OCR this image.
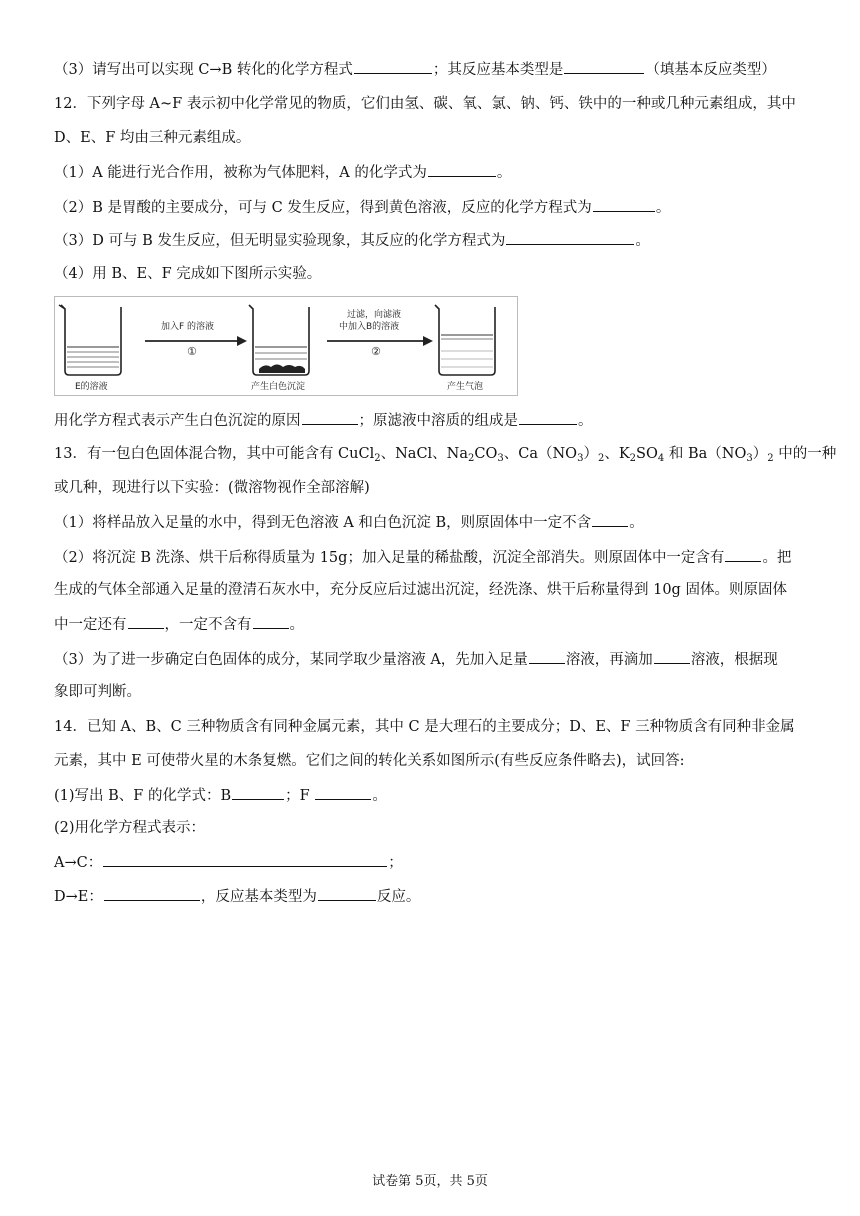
（3）请写出可以实现 C→B 转化的化学方程式	；其反应基本类型是	（填基本反应类型）
12．下列字母 A~F 表示初中化学常见的物质，它们由氢、碳、氧、氯、钠、钙、铁中的一种或几种元素组成，其中
D、E、F 均由三种元素组成。
（1）A 能进行光合作用，被称为气体肥料，A 的化学式为	。
（2）B 是胃酸的主要成分，可与 C 发生反应，得到黄色溶液，反应的化学方程式为	。
（3）D 可与 B 发生反应，但无明显实验现象，其反应的化学方程式为	。
（4）用 B、E、F 完成如下图所示实验。
E的溶液
加入F 的溶液
①
产生白色沉淀
过滤，向滤液
中加入B的溶液
②
产生气泡
用化学方程式表示产生白色沉淀的原因	；原滤液中溶质的组成是	。
13．有一包白色固体混合物，其中可能含有 CuCl$_2$、NaCl、$Na_2CO_3$、$Ca(NO_3)_2$、$K_2SO_4$ 和 $Ba(NO_3)_2$ 中的一种
或几种，现进行以下实验：(微溶物视作全部溶解)
（1）将样品放入足量的水中，得到无色溶液 A 和白色沉淀 B，则原固体中一定不含	。
（2）将沉淀 B 洗涤、烘干后称得质量为 15g；加入足量的稀盐酸，沉淀全部消失。则原固体中一定含有	。把
生成的气体全部通入足量的澄清石灰水中，充分反应后过滤出沉淀，经洗涤、烘干后称量得到 10g 固体。则原固体
中一定还有	，一定不含有	。
（3）为了进一步确定白色固体的成分，某同学取少量溶液 A，先加入足量	溶液，再滴加	溶液，根据现
象即可判断。
14．已知 A、B、C 三种物质含有同种金属元素，其中 C 是大理石的主要成分；D、E、F 三种物质含有同种非金属
元素，其中 E 可使带火星的木条复燃。它们之间的转化关系如图所示(有些反应条件略去)，试回答:
(1)写出 B、F 的化学式：B	；F	。
(2)用化学方程式表示：
A→C：	；
D→E：	，反应基本类型为	反应。
试卷第 5页，共 5页
